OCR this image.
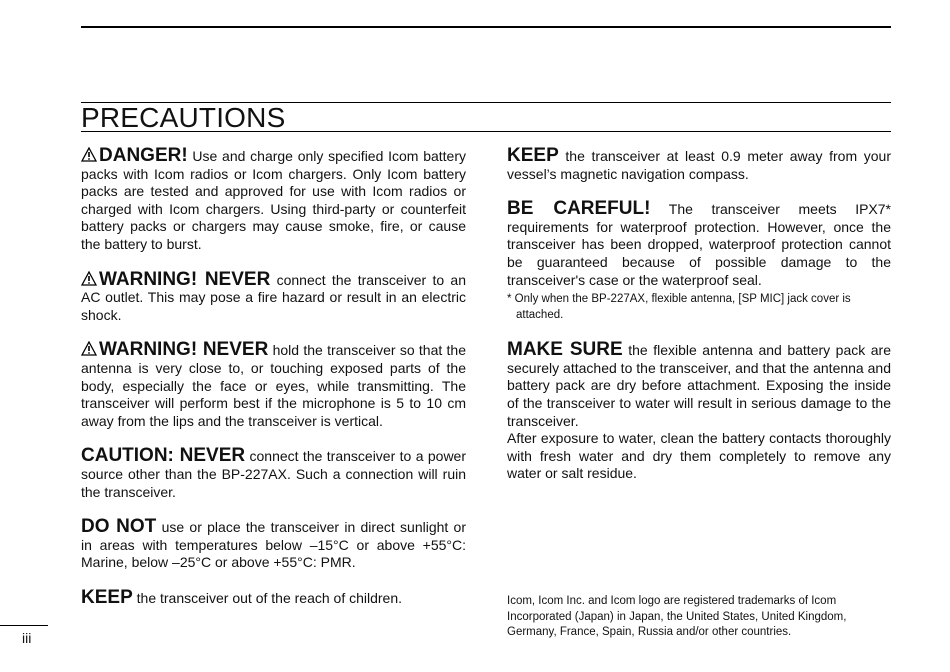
PRECAUTIONS

DANGER! Use and charge only specified Icom battery packs with Icom radios or Icom chargers. Only Icom battery packs are tested and approved for use with Icom radios or charged with Icom chargers. Using third-party or counterfeit battery packs or chargers may cause smoke, fire, or cause the battery to burst.

WARNING! NEVER connect the transceiver to an AC outlet. This may pose a fire hazard or result in an electric shock.

WARNING! NEVER hold the transceiver so that the antenna is very close to, or touching exposed parts of the body, especially the face or eyes, while transmitting. The transceiver will perform best if the microphone is 5 to 10 cm away from the lips and the transceiver is vertical.

CAUTION: NEVER connect the transceiver to a power source other than the BP-227AX. Such a connection will ruin the transceiver.

DO NOT use or place the transceiver in direct sunlight or in areas with temperatures below –15°C or above +55°C: Marine, below –25°C or above +55°C: PMR.

KEEP the transceiver out of the reach of children.

KEEP the transceiver at least 0.9 meter away from your vessel’s magnetic navigation compass.

BE CAREFUL! The transceiver meets IPX7* requirements for waterproof protection. However, once the transceiver has been dropped, waterproof protection cannot be guaranteed because of possible damage to the transceiver's case or the waterproof seal.

* Only when the BP-227AX, flexible antenna, [SP MIC] jack cover is attached.

MAKE SURE the flexible antenna and battery pack are securely attached to the transceiver, and that the antenna and battery pack are dry before attachment. Exposing the inside of the transceiver to water will result in serious damage to the transceiver.

After exposure to water, clean the battery contacts thoroughly with fresh water and dry them completely to remove any water or salt residue.

Icom, Icom Inc. and Icom logo are registered trademarks of Icom Incorporated (Japan) in Japan, the United States, United Kingdom, Germany, France, Spain, Russia and/or other countries.
iii
